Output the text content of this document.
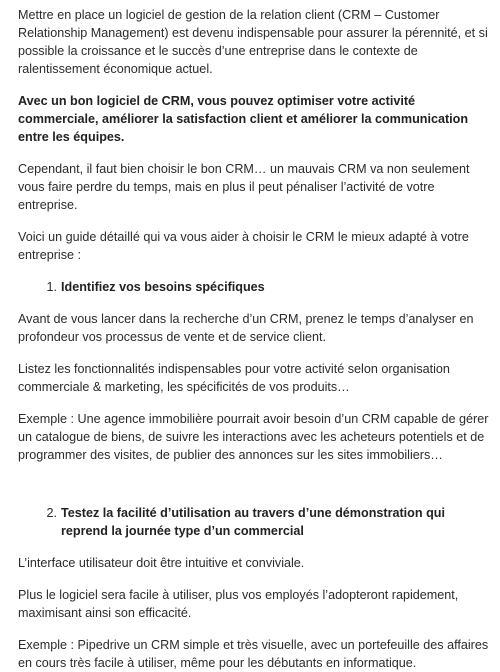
Mettre en place un logiciel de gestion de la relation client (CRM – Customer Relationship Management) est devenu indispensable pour assurer la pérennité, et si possible la croissance et le succès d’une entreprise dans le contexte de ralentissement économique actuel.

Avec un bon logiciel de CRM, vous pouvez optimiser votre activité commerciale, améliorer la satisfaction client et améliorer la communication entre les équipes.

Cependant, il faut bien choisir le bon CRM… un mauvais CRM va non seulement vous faire perdre du temps, mais en plus il peut pénaliser l’activité de votre entreprise.

Voici un guide détaillé qui va vous aider à choisir le CRM le mieux adapté à votre entreprise :

1. Identifiez vos besoins spécifiques

Avant de vous lancer dans la recherche d’un CRM, prenez le temps d’analyser en profondeur vos processus de vente et de service client.

Listez les fonctionnalités indispensables pour votre activité selon organisation commerciale & marketing, les spécificités de vos produits…

Exemple : Une agence immobilière pourrait avoir besoin d’un CRM capable de gérer un catalogue de biens, de suivre les interactions avec les acheteurs potentiels et de programmer des visites, de publier des annonces sur les sites immobiliers…

2. Testez la facilité d’utilisation au travers d’une démonstration qui reprend la journée type d’un commercial

L’interface utilisateur doit être intuitive et conviviale.

Plus le logiciel sera facile à utiliser, plus vos employés l’adopteront rapidement, maximisant ainsi son efficacité.

Exemple : Pipedrive un CRM simple et très visuelle, avec un portefeuille des affaires en cours très facile à utiliser, même pour les débutants en informatique.
